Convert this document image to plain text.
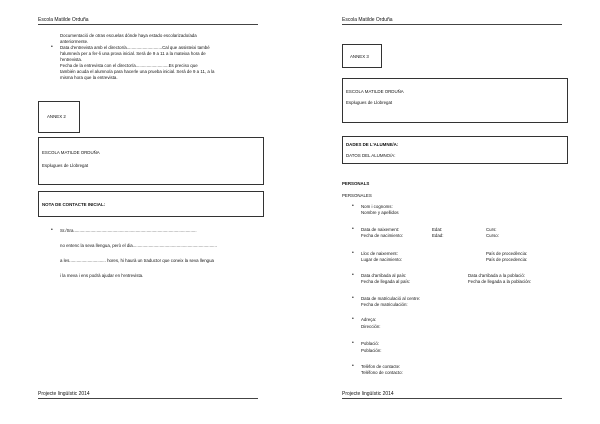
Escola Matilde Orduña
Documentació de otras escuelas dónde haya estado escolarizado/ada
anteriormente.
• Data d'entrevista amb el director/a.............................Cal que assisteixi també
l'alumne/a per a fer-li una prova inicial. Serà de 9 a 11 a la mateixa hora de
l'entrevista.
Fecha de la entrevista con el director/a...........................Es preciso que
también acuda el alumno/a para hacerle una prueba inicial. Será de 9 a 11, a la
misma hora que la entrevista.
ANNEX 2
ESCOLA MATILDE ORDUÑA
Esplugues de Llobregat
NOTA DE CONTACTE INICIAL:
• Sr./Sra.....................................................................................................
no entenc la seva llengua, però el dia.....................................................................
a les.............................. hores, hi haurà un traductor que coneix la seva llengua
i la meva i ens podrà ajudar en l'entrevista.
Projecte lingüístic 2014
Escola Matilde Orduña
ANNEX 3
ESCOLA MATILDE ORDUÑA
Esplugues de Llobregat
DADES DE L'ALUMNE/A:
DATOS DEL ALUMNO/A:
PERSONALS
PERSONALES
• Nom i cognoms:
Nombre y apellidos
• Data de naixement:
Fecha de nacimiento:
Edat:
Edad:
Curs:
Curso:
• Lloc de naixement:
Lugar de nacimiento:
País de procedència:
País de procedencia:
• Data d'arribada al país:
Fecha de llegada al país:
Data d'arribada a la població:
Fecha de llegada a la población:
• Data de matriculació al centre:
Fecha de matriculación:
• Adreça:
Dirección:
• Població:
Población:
• Telèfon de contacte:
Teléfono de contacto:
Projecte lingüístic 2014
